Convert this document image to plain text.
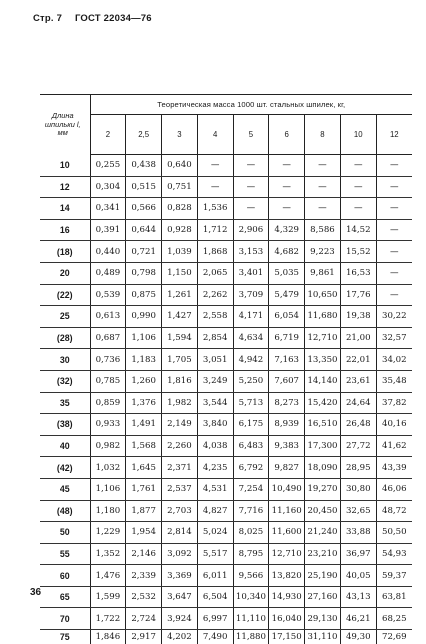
Стр. 7 ГОСТ 22034—76
Длина шпильки l, мм	Теоретическая масса 1000 шт. стальных шпилек, кг,								
	2	2,5	3	4	5	6	8	10	12
10	0,255	0,438	0,640	—	—	—	—	—	—
12	0,304	0,515	0,751	—	—	—	—	—	—
14	0,341	0,566	0,828	1,536	—	—	—	—	—
16	0,391	0,644	0,928	1,712	2,906	4,329	8,586	14,52	—
(18)	0,440	0,721	1,039	1,868	3,153	4,682	9,223	15,52	—
20	0,489	0,798	1,150	2,065	3,401	5,035	9,861	16,53	—
(22)	0,539	0,875	1,261	2,262	3,709	5,479	10,650	17,76	—
25	0,613	0,990	1,427	2,558	4,171	6,054	11,680	19,38	30,22
(28)	0,687	1,106	1,594	2,854	4,634	6,719	12,710	21,00	32,57
30	0,736	1,183	1,705	3,051	4,942	7,163	13,350	22,01	34,02
(32)	0,785	1,260	1,816	3,249	5,250	7,607	14,140	23,61	35,48
35	0,859	1,376	1,982	3,544	5,713	8,273	15,420	24,64	37,82
(38)	0,933	1,491	2,149	3,840	6,175	8,939	16,510	26,48	40,16
40	0,982	1,568	2,260	4,038	6,483	9,383	17,300	27,72	41,62
(42)	1,032	1,645	2,371	4,235	6,792	9,827	18,090	28,95	43,39
45	1,106	1,761	2,537	4,531	7,254	10,490	19,270	30,80	46,06
(48)	1,180	1,877	2,703	4,827	7,716	11,160	20,450	32,65	48,72
50	1,229	1,954	2,814	5,024	8,025	11,600	21,240	33,88	50,50
55	1,352	2,146	3,092	5,517	8,795	12,710	23,210	36,97	54,93
60	1,476	2,339	3,369	6,011	9,566	13,820	25,190	40,05	59,37
65	1,599	2,532	3,647	6,504	10,340	14,930	27,160	43,13	63,81
70	1,722	2,724	3,924	6,997	11,110	16,040	29,130	46,21	68,25
75	1,846	2,917	4,202	7,490	11,880	17,150	31,110	49,30	72,69
36
